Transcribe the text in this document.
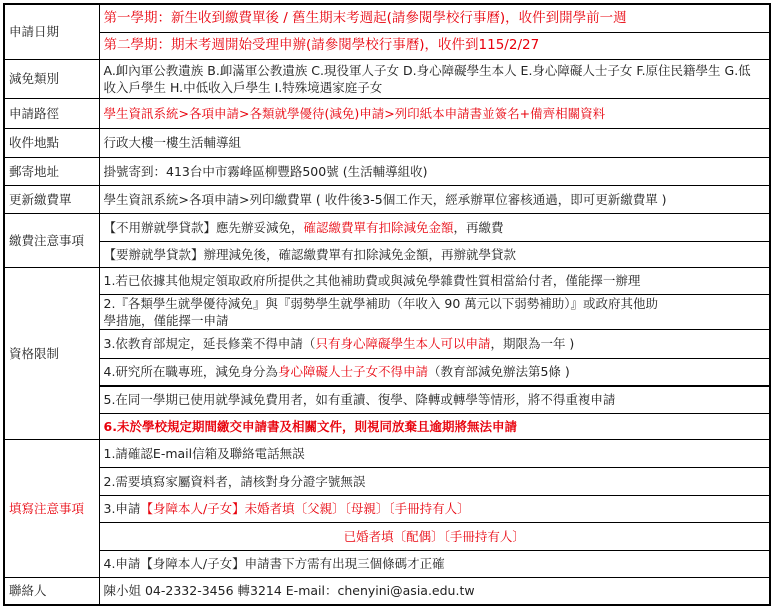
申請日期	第一學期：新生收到繳費單後 / 舊生期末考週起(請參閱學校行事曆)，收件到開學前一週
	第二學期：期末考週開始受理申辦(請參閱學校行事曆)，收件到115/2/27
減免類別	A.卹內軍公教遺族 B.卹滿軍公教遺族 C.現役軍人子女 D.身心障礙學生本人 E.身心障礙人士子女 F.原住民籍學生 G.低
收入戶學生 H.中低收入戶學生 I.特殊境遇家庭子女

申請路徑	學生資訊系統>各項申請>各類就學優待(減免)申請>列印紙本申請書並簽名+備齊相關資料
收件地點	行政大樓一樓生活輔導組
郵寄地址	掛號寄到：413台中市霧峰區柳豐路500號 (生活輔導組收)
更新繳費單	學生資訊系統>各項申請>列印繳費單 ( 收件後3-5個工作天，經承辦單位審核通過，即可更新繳費單 )
繳費注意事項	【不用辦就學貸款】應先辦妥減免，確認繳費單有扣除減免金額，再繳費
	【要辦就學貸款】辦理減免後，確認繳費單有扣除減免金額，再辦就學貸款
資格限制	1.若已依據其他規定領取政府所提供之其他補助費或與減免學雜費性質相當給付者，僅能擇一辦理

	2.『各類學生就學優待減免』與『弱勢學生就學補助（年收入 90 萬元以下弱勢補助）』或政府其他助
學措施，僅能擇一申請

	3.依教育部規定，延長修業不得申請（只有身心障礙學生本人可以申請，期限為一年 )
	4.研究所在職專班，減免身分為身心障礙人士子女不得申請（教育部減免辦法第5條 )
	5.在同一學期已使用就學減免費用者，如有重讀、復學、降轉或轉學等情形，將不得重複申請
	6.未於學校規定期間繳交申請書及相關文件，則視同放棄且逾期將無法申請
填寫注意事項	1.請確認E-mail信箱及聯絡電話無誤
	2.需要填寫家屬資料者，請核對身分證字號無誤
	3.申請【身障本人/子女】未婚者填〔父親〕〔母親〕〔手冊持有人〕
	已婚者填〔配偶〕〔手冊持有人〕
	4.申請【身障本人/子女】申請書下方需有出現三個條碼才正確
聯絡人	陳小姐 04-2332-3456 轉3214 E-mail：chenyini@asia.edu.tw
